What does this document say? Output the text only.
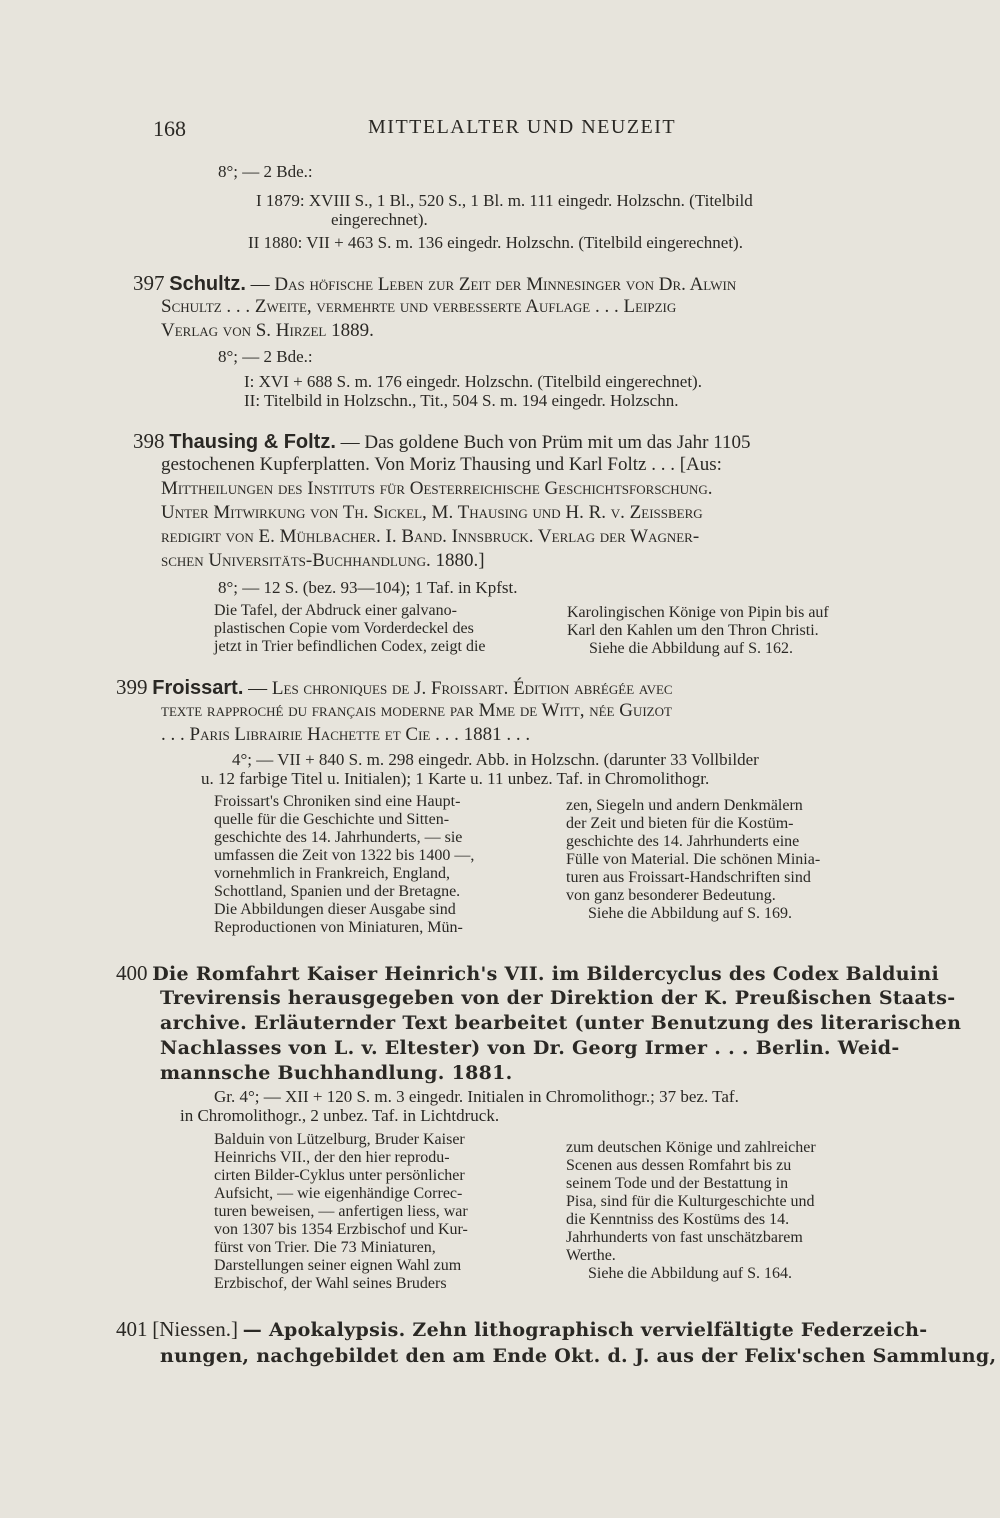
168	MITTELALTER UND NEUZEIT
8°; — 2 Bde.:
I 1879: XVIII S., 1 Bl., 520 S., 1 Bl. m. 111 eingedr. Holzschn. (Titelbild
eingerechnet).
II 1880: VII + 463 S. m. 136 eingedr. Holzschn. (Titelbild eingerechnet).
397 Schultz. — Das höfische Leben zur Zeit der Minnesinger von Dr. Alwin
Schultz . . . Zweite, vermehrte und verbesserte Auflage . . . Leipzig
Verlag von S. Hirzel 1889.
8°; — 2 Bde.:
I: XVI + 688 S. m. 176 eingedr. Holzschn. (Titelbild eingerechnet).
II: Titelbild in Holzschn., Tit., 504 S. m. 194 eingedr. Holzschn.
398 Thausing & Foltz. — Das goldene Buch von Prüm mit um das Jahr 1105
gestochenen Kupferplatten. Von Moriz Thausing und Karl Foltz . . . [Aus:
Mittheilungen des Instituts für Oesterreichische Geschichtsforschung.
Unter Mitwirkung von Th. Sickel, M. Thausing und H. R. v. Zeissberg
redigirt von E. Mühlbacher. I. Band. Innsbruck. Verlag der Wagner-
schen Universitäts-Buchhandlung. 1880.]
8°; — 12 S. (bez. 93—104); 1 Taf. in Kpfst.
Die Tafel, der Abdruck einer galvano-
plastischen Copie vom Vorderdeckel des
jetzt in Trier befindlichen Codex, zeigt die
Karolingischen Könige von Pipin bis auf
Karl den Kahlen um den Thron Christi.
Siehe die Abbildung auf S. 162.
399 Froissart. — Les chroniques de J. Froissart. Édition abrégée avec
texte rapproché du français moderne par Mme de Witt, née Guizot
. . . Paris Librairie Hachette et Cie . . . 1881 . . .
4°; — VII + 840 S. m. 298 eingedr. Abb. in Holzschn. (darunter 33 Vollbilder
u. 12 farbige Titel u. Initialen); 1 Karte u. 11 unbez. Taf. in Chromolithogr.
Froissart's Chroniken sind eine Haupt-
quelle für die Geschichte und Sitten-
geschichte des 14. Jahrhunderts, — sie
umfassen die Zeit von 1322 bis 1400 —,
vornehmlich in Frankreich, England,
Schottland, Spanien und der Bretagne.
Die Abbildungen dieser Ausgabe sind
Reproductionen von Miniaturen, Mün-
zen, Siegeln und andern Denkmälern
der Zeit und bieten für die Kostüm-
geschichte des 14. Jahrhunderts eine
Fülle von Material. Die schönen Minia-
turen aus Froissart-Handschriften sind
von ganz besonderer Bedeutung.
Siehe die Abbildung auf S. 169.
400 Die Romfahrt Kaiser Heinrich's VII. im Bildercyclus des Codex Balduini
Trevirensis herausgegeben von der Direktion der K. Preußischen Staats-
archive. Erläuternder Text bearbeitet (unter Benutzung des literarischen
Nachlasses von L. v. Eltester) von Dr. Georg Irmer . . . Berlin. Weid-
mannsche Buchhandlung. 1881.
Gr. 4°; — XII + 120 S. m. 3 eingedr. Initialen in Chromolithogr.; 37 bez. Taf.
in Chromolithogr., 2 unbez. Taf. in Lichtdruck.
Balduin von Lützelburg, Bruder Kaiser
Heinrichs VII., der den hier reprodu-
cirten Bilder-Cyklus unter persönlicher
Aufsicht, — wie eigenhändige Correc-
turen beweisen, — anfertigen liess, war
von 1307 bis 1354 Erzbischof und Kur-
fürst von Trier. Die 73 Miniaturen,
Darstellungen seiner eignen Wahl zum
Erzbischof, der Wahl seines Bruders
zum deutschen Könige und zahlreicher
Scenen aus dessen Romfahrt bis zu
seinem Tode und der Bestattung in
Pisa, sind für die Kulturgeschichte und
die Kenntniss des Kostüms des 14.
Jahrhunderts von fast unschätzbarem
Werthe.
Siehe die Abbildung auf S. 164.
401 [Niessen.] — Apokalypsis. Zehn lithographisch vervielfältigte Federzeich-
nungen, nachgebildet den am Ende Okt. d. J. aus der Felix'schen Sammlung,
